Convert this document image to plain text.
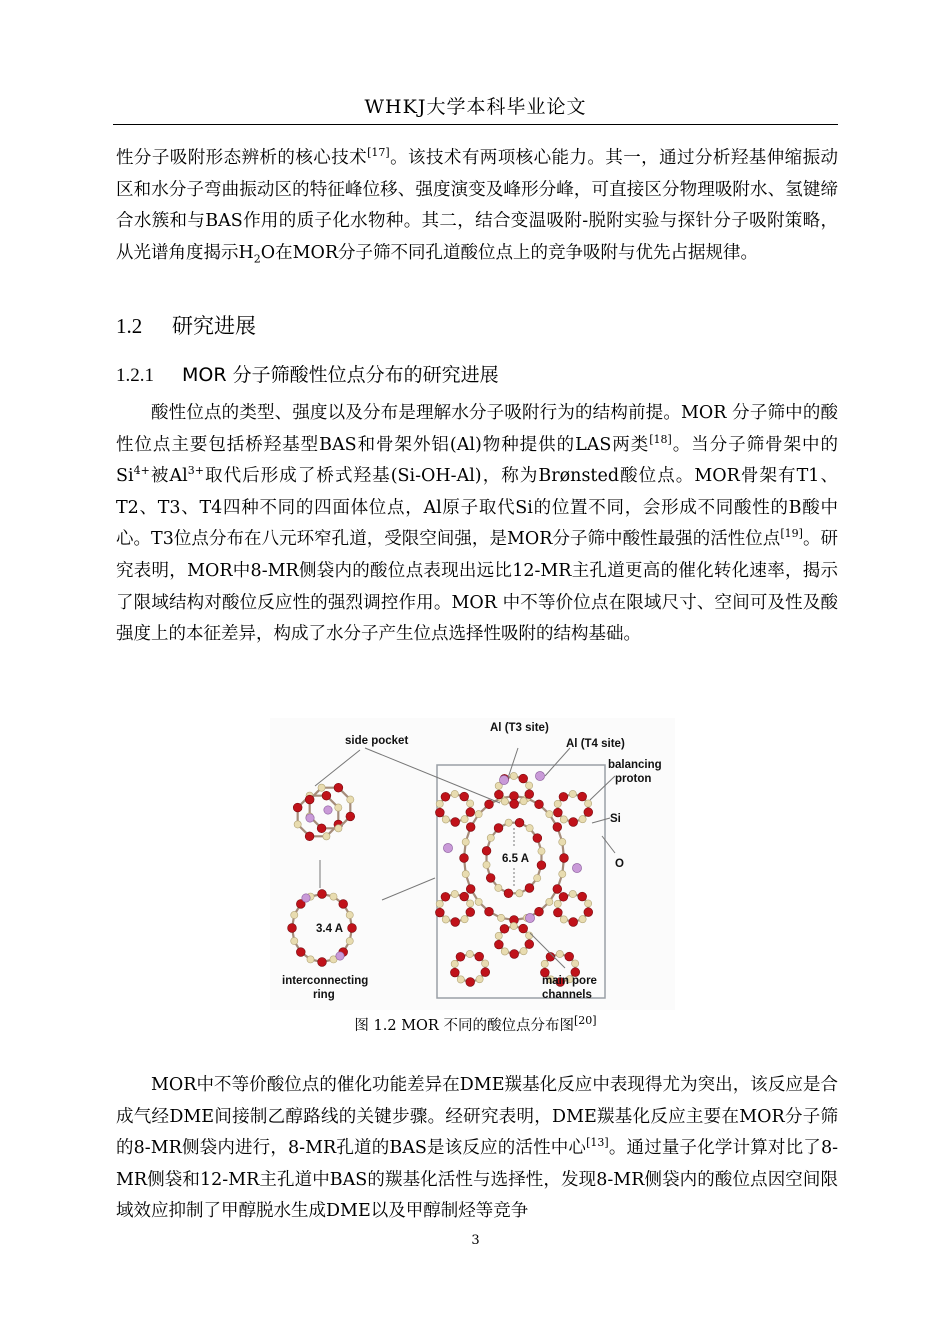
WHKJ大学本科毕业论文

性分子吸附形态辨析的核心技术[17]。该技术有两项核心能力。其一，通过分析羟基伸缩振动区和水分子弯曲振动区的特征峰位移、强度演变及峰形分峰，可直接区分物理吸附水、氢键缔合水簇和与BAS作用的质子化水物种。其二，结合变温吸附-脱附实验与探针分子吸附策略，从光谱角度揭示$H_2O$在MOR分子筛不同孔道酸位点上的竞争吸附与优先占据规律。

1.2 研究进展
1.2.1 MOR 分子筛酸性位点分布的研究进展

酸性位点的类型、强度以及分布是理解水分子吸附行为的结构前提。MOR 分子筛中的酸性位点主要包括桥羟基型BAS和骨架外铝(Al)物种提供的LAS两类[18]。当分子筛骨架中的$Si^{4+}$被$Al^{3+}$取代后形成了桥式羟基(Si-OH-Al)，称为Brønsted酸位点。MOR骨架有T1、T2、T3、T4四种不同的四面体位点，Al原子取代Si的位置不同，会形成不同酸性的B酸中心。T3位点分布在八元环窄孔道，受限空间强，是MOR分子筛中酸性最强的活性位点[19]。研究表明，MOR中8-MR侧袋内的酸位点表现出远比12-MR主孔道更高的催化转化速率，揭示了限域结构对酸位反应性的强烈调控作用。MOR 中不等价位点在限域尺寸、空间可及性及酸强度上的本征差异，构成了水分子产生位点选择性吸附的结构基础。

side pocket
Al (T3 site)
Al (T4 site)
balancing
proton
Si
O
6.5 A
3.4 A
interconnecting
ring
main pore
channels
图 1.2 MOR 不同的酸位点分布图[20]

MOR中不等价酸位点的催化功能差异在DME羰基化反应中表现得尤为突出，该反应是合成气经DME间接制乙醇路线的关键步骤。经研究表明，DME羰基化反应主要在MOR分子筛的8-MR侧袋内进行，8-MR孔道的BAS是该反应的活性中心[13]。通过量子化学计算对比了8-MR侧袋和12-MR主孔道中BAS的羰基化活性与选择性，发现8-MR侧袋内的酸位点因空间限域效应抑制了甲醇脱水生成DME以及甲醇制烃等竞争

3
